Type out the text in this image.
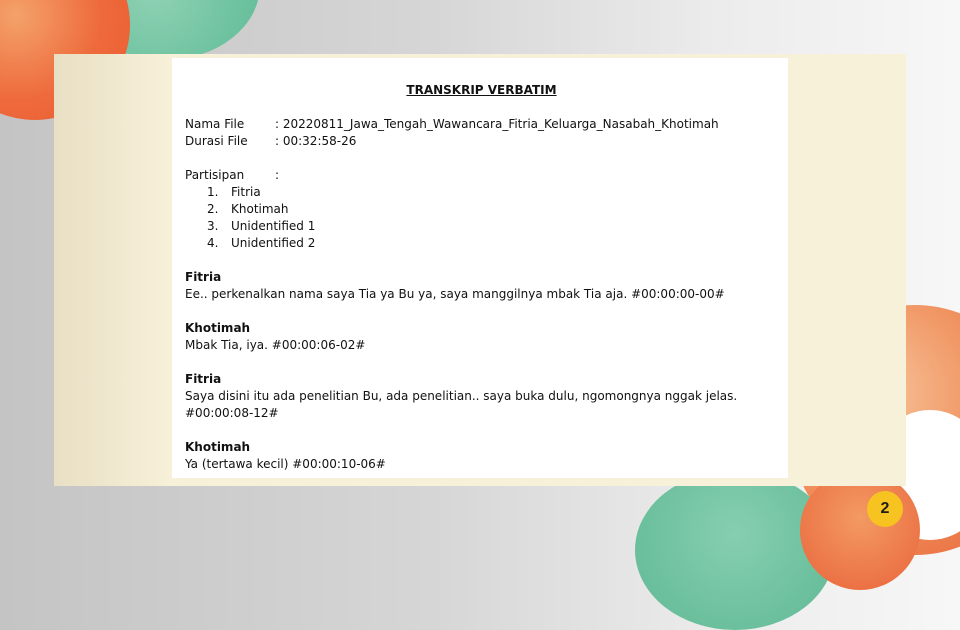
TRANSKRIP VERBATIM
Nama File	: 20220811_Jawa_Tengah_Wawancara_Fitria_Keluarga_Nasabah_Khotimah
Durasi File	: 00:32:58-26
Partisipan	:
1.	Fitria
2.	Khotimah
3.	Unidentified 1
4.	Unidentified 2
Fitria
Ee.. perkenalkan nama saya Tia ya Bu ya, saya manggilnya mbak Tia aja. #00:00:00-00#
Khotimah
Mbak Tia, iya. #00:00:06-02#
Fitria
Saya disini itu ada penelitian Bu, ada penelitian.. saya buka dulu, ngomongnya nggak jelas. #00:00:08-12#
Khotimah
Ya (tertawa kecil) #00:00:10-06#
2
